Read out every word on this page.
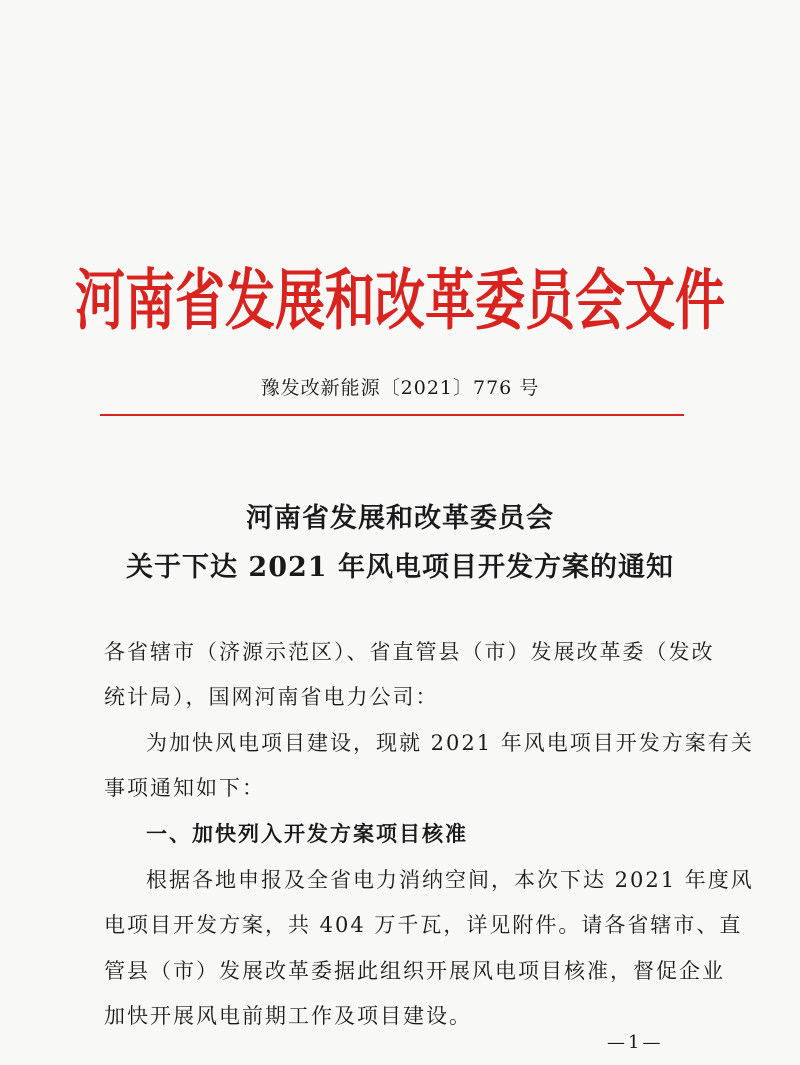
河南省发展和改革委员会文件
豫发改新能源〔2021〕776 号
河南省发展和改革委员会
关于下达 2021 年风电项目开发方案的通知
各省辖市（济源示范区）、省直管县（市）发展改革委（发改
统计局），国网河南省电力公司：
为加快风电项目建设，现就 2021 年风电项目开发方案有关
事项通知如下：
一、加快列入开发方案项目核准
根据各地申报及全省电力消纳空间，本次下达 2021 年度风
电项目开发方案，共 404 万千瓦，详见附件。请各省辖市、直
管县（市）发展改革委据此组织开展风电项目核准，督促企业
加快开展风电前期工作及项目建设。
—1—
